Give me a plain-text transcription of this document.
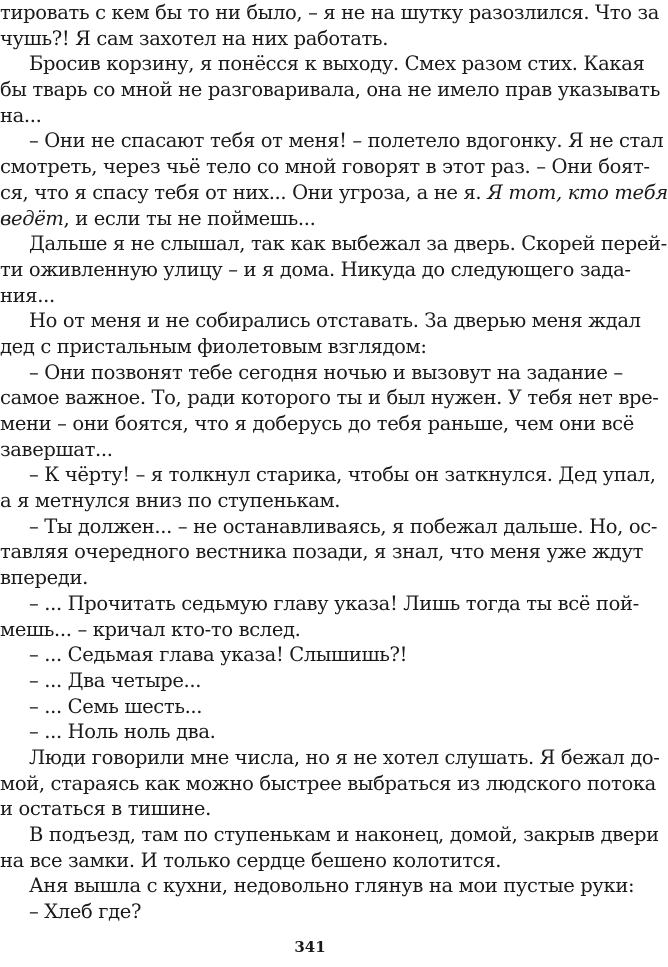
тировать с кем бы то ни было, – я не на шутку разозлился. Что за
чушь?! Я сам захотел на них работать.
Бросив корзину, я понёсся к выходу. Смех разом стих. Какая
бы тварь со мной не разговаривала, она не имело прав указывать
на...
– Они не спасают тебя от меня! – полетело вдогонку. Я не стал
смотреть, через чьё тело со мной говорят в этот раз. – Они боят-
ся, что я спасу тебя от них... Они угроза, а не я. Я тот, кто тебя
ведёт, и если ты не поймешь...
Дальше я не слышал, так как выбежал за дверь. Скорей перей-
ти оживленную улицу – и я дома. Никуда до следующего зада-
ния...
Но от меня и не собирались отставать. За дверью меня ждал
дед с пристальным фиолетовым взглядом:
– Они позвонят тебе сегодня ночью и вызовут на задание –
самое важное. То, ради которого ты и был нужен. У тебя нет вре-
мени – они боятся, что я доберусь до тебя раньше, чем они всё
завершат...
– К чёрту! – я толкнул старика, чтобы он заткнулся. Дед упал,
а я метнулся вниз по ступенькам.
– Ты должен... – не останавливаясь, я побежал дальше. Но, ос-
тавляя очередного вестника позади, я знал, что меня уже ждут
впереди.
– ... Прочитать седьмую главу указа! Лишь тогда ты всё пой-
мешь... – кричал кто-то вслед.
– ... Седьмая глава указа! Слышишь?!
– ... Два четыре...
– ... Семь шесть...
– ... Ноль ноль два.
Люди говорили мне числа, но я не хотел слушать. Я бежал до-
мой, стараясь как можно быстрее выбраться из людского потока
и остаться в тишине.
В подъезд, там по ступенькам и наконец, домой, закрыв двери
на все замки. И только сердце бешено колотится.
Аня вышла с кухни, недовольно глянув на мои пустые руки:
– Хлеб где?
341
